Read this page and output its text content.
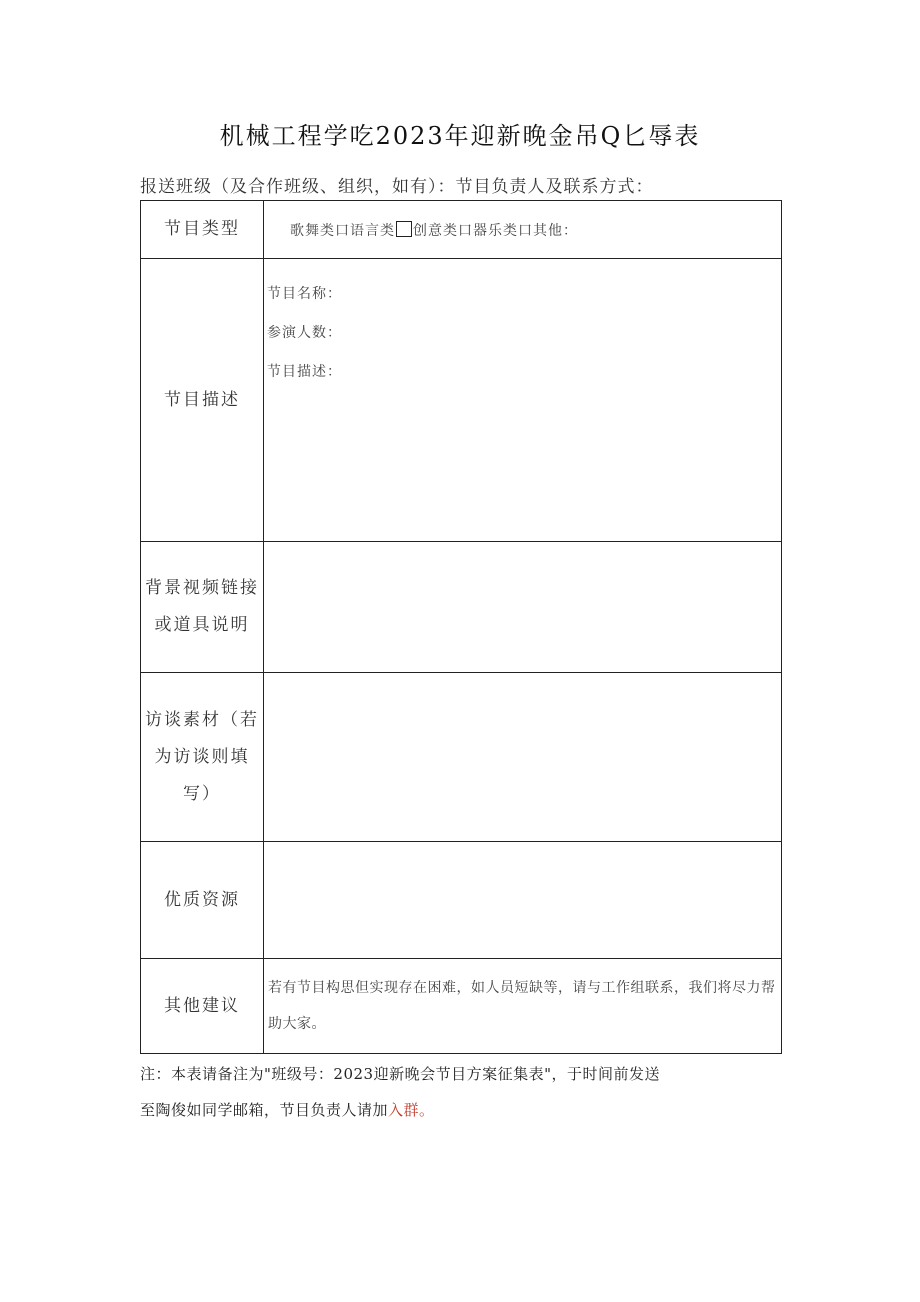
机械工程学吃2023年迎新晚金吊Q匕辱表
报送班级（及合作班级、组织，如有）：节目负责人及联系方式：
节目类型	歌舞类口语言类 创意类口器乐类口其他：
节目描述	节目名称：
参演人数：
节目描述：

背景视频链接或道具说明	
访谈素材（若为访谈则填写）	
优质资源	
其他建议	若有节目构思但实现存在困难，如人员短缺等，请与工作组联系，我们将尽力帮助大家。
注：本表请备注为"班级号：2023迎新晚会节目方案征集表"，于时间前发送
至陶俊如同学邮箱，节目负责人请加入群。
